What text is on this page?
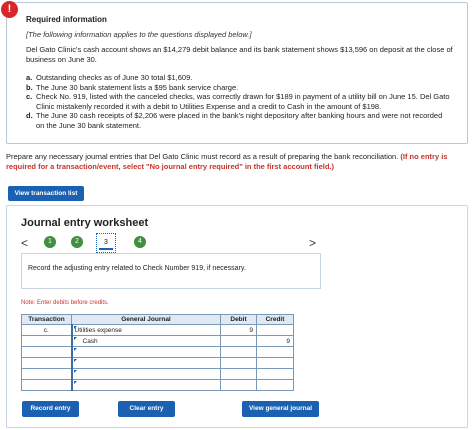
!
Required information
[The following information applies to the questions displayed below.]
Del Gato Clinic's cash account shows an $14,279 debit balance and its bank statement shows $13,596 on deposit at the close of business on June 30.
a. Outstanding checks as of June 30 total $1,609.
b. The June 30 bank statement lists a $95 bank service charge.
c. Check No. 919, listed with the canceled checks, was correctly drawn for $189 in payment of a utility bill on June 15. Del Gato Clinic mistakenly recorded it with a debit to Utilities Expense and a credit to Cash in the amount of $198.
d. The June 30 cash receipts of $2,206 were placed in the bank's night depository after banking hours and were not recorded on the June 30 bank statement.
Prepare any necessary journal entries that Del Gato Clinic must record as a result of preparing the bank reconciliation. (If no entry is required for a transaction/event, select "No journal entry required" in the first account field.)
View transaction list
Journal entry worksheet
<	1	2	3	4	>
Record the adjusting entry related to Check Number 919, if necessary.
Note: Enter debits before credits.
Transaction	General Journal	Debit	Credit
c.	Utilities expense	9	

Cash		9

Record entry	Clear entry	View general journal
